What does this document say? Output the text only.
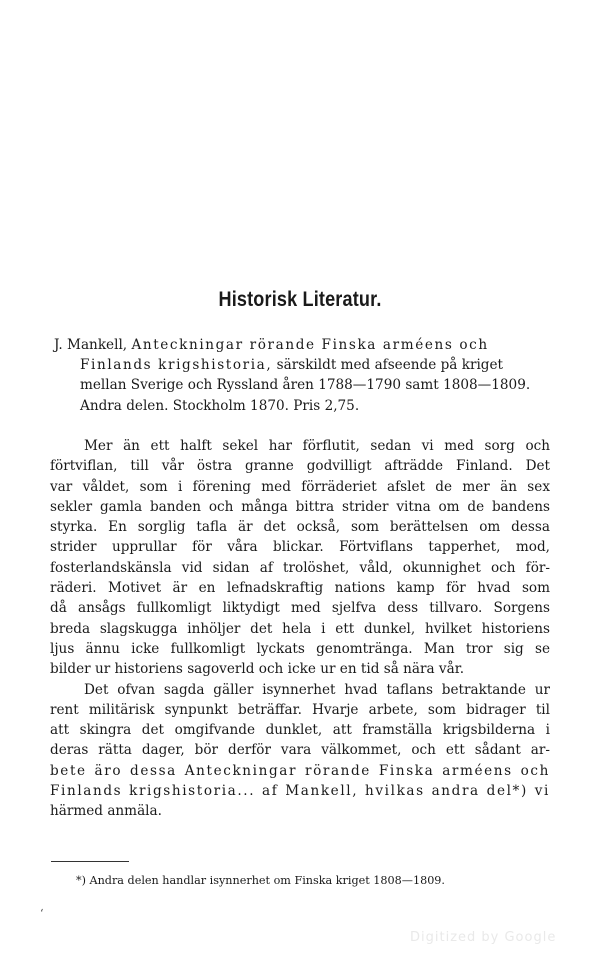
Historisk Literatur.
J. Mankell, Anteckningar rörande Finska arméens och
Finlands krigshistoria, särskildt med afseende på kriget
mellan Sverige och Ryssland åren 1788—1790 samt 1808—1809.
Andra delen. Stockholm 1870. Pris 2,75.
Mer än ett halft sekel har förflutit, sedan vi med sorg och
förtviflan, till vår östra granne godvilligt afträdde Finland. Det
var våldet, som i förening med förräderiet afslet de mer än sex
sekler gamla banden och många bittra strider vitna om de bandens
styrka. En sorglig tafla är det också, som berättelsen om dessa
strider upprullar för våra blickar. Förtviflans tapperhet, mod,
fosterlandskänsla vid sidan af trolöshet, våld, okunnighet och för-
räderi. Motivet är en lefnadskraftig nations kamp för hvad som
då ansågs fullkomligt liktydigt med sjelfva dess tillvaro. Sorgens
breda slagskugga inhöljer det hela i ett dunkel, hvilket historiens
ljus ännu icke fullkomligt lyckats genomtränga. Man tror sig se
bilder ur historiens sagoverld och icke ur en tid så nära vår.
Det ofvan sagda gäller isynnerhet hvad taflans betraktande ur
rent militärisk synpunkt beträffar. Hvarje arbete, som bidrager til
att skingra det omgifvande dunklet, att framställa krigsbilderna i
deras rätta dager, bör derför vara välkommet, och ett sådant ar-
bete äro dessa Anteckningar rörande Finska arméens och
Finlands krigshistoria... af Mankell, hvilkas andra del*) vi
härmed anmäla.
*) Andra delen handlar isynnerhet om Finska kriget 1808—1809.
ʻ
Digitized by Google
